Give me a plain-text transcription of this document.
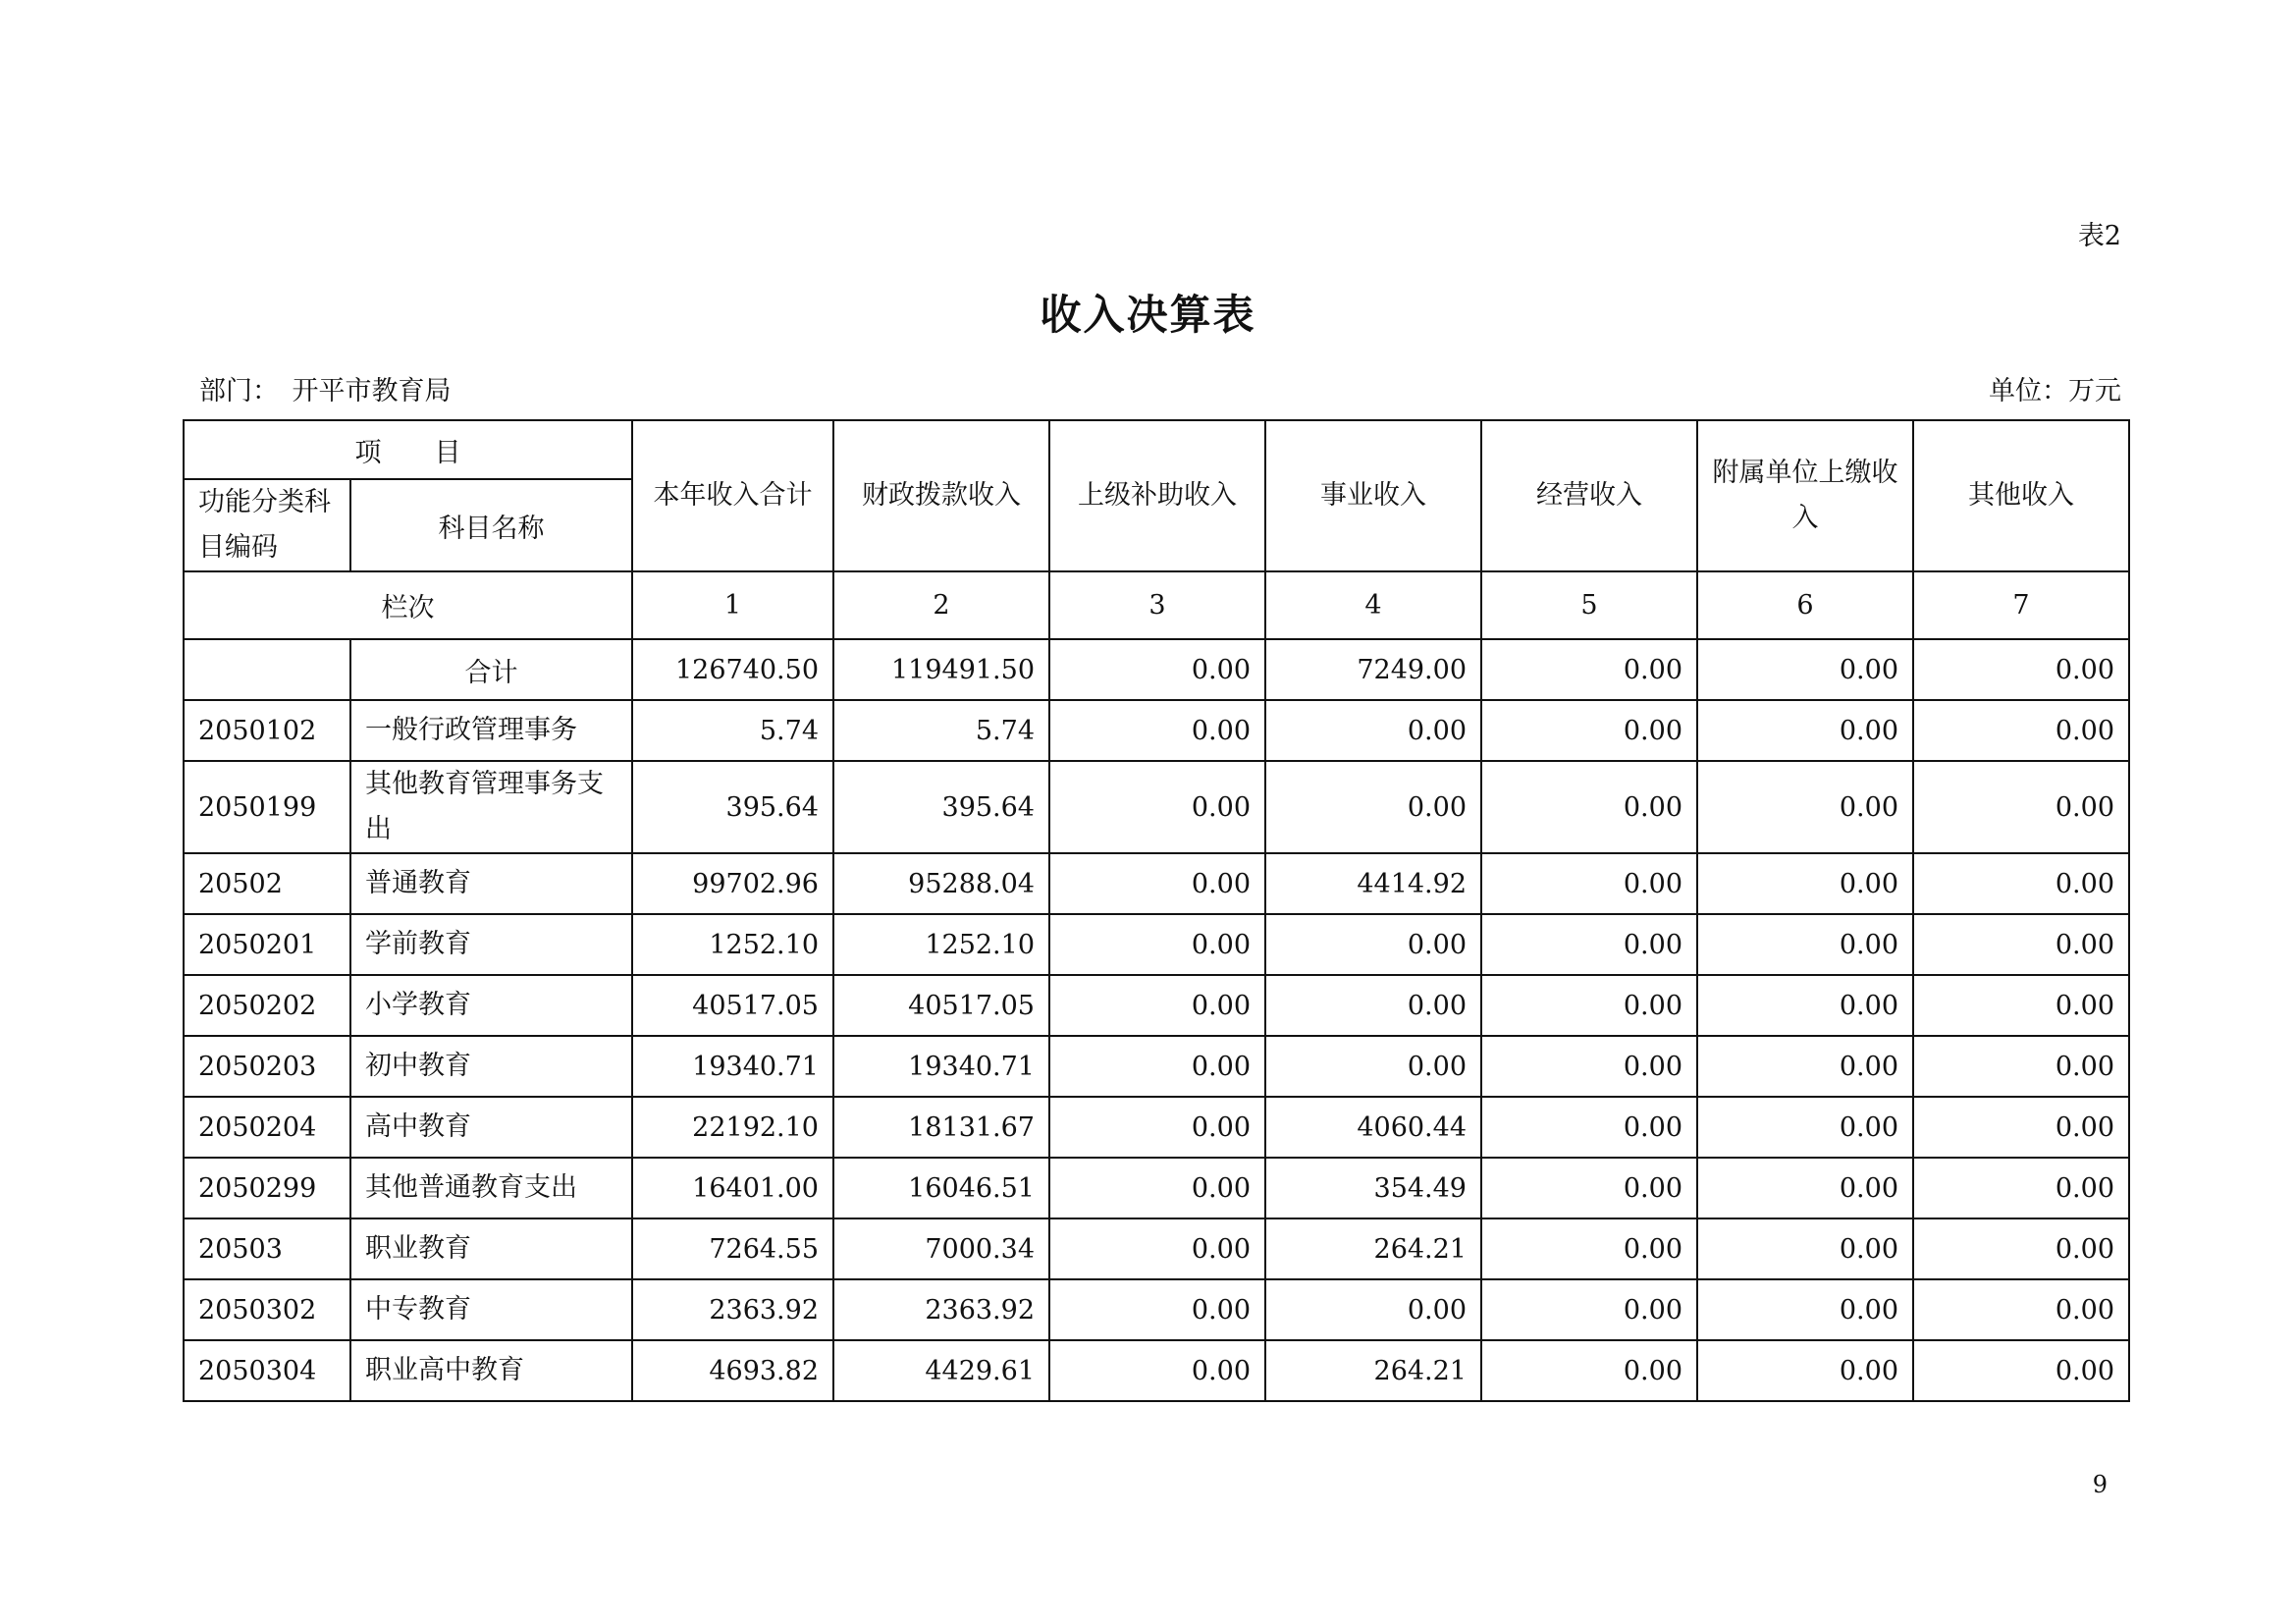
表2
收入决算表
部门：　开平市教育局	单位：万元
项　　目		本年收入合计	财政拨款收入	上级补助收入	事业收入	经营收入	附属单位上缴收入	其他收入
功能分类科目编码	科目名称							
栏次		1	2	3	4	5	6	7
	合计	126740.50	119491.50	0.00	7249.00	0.00	0.00	0.00
2050102	一般行政管理事务	5.74	5.74	0.00	0.00	0.00	0.00	0.00
2050199	其他教育管理事务支出	395.64	395.64	0.00	0.00	0.00	0.00	0.00
20502	普通教育	99702.96	95288.04	0.00	4414.92	0.00	0.00	0.00
2050201	学前教育	1252.10	1252.10	0.00	0.00	0.00	0.00	0.00
2050202	小学教育	40517.05	40517.05	0.00	0.00	0.00	0.00	0.00
2050203	初中教育	19340.71	19340.71	0.00	0.00	0.00	0.00	0.00
2050204	高中教育	22192.10	18131.67	0.00	4060.44	0.00	0.00	0.00
2050299	其他普通教育支出	16401.00	16046.51	0.00	354.49	0.00	0.00	0.00
20503	职业教育	7264.55	7000.34	0.00	264.21	0.00	0.00	0.00
2050302	中专教育	2363.92	2363.92	0.00	0.00	0.00	0.00	0.00
2050304	职业高中教育	4693.82	4429.61	0.00	264.21	0.00	0.00	0.00
9
